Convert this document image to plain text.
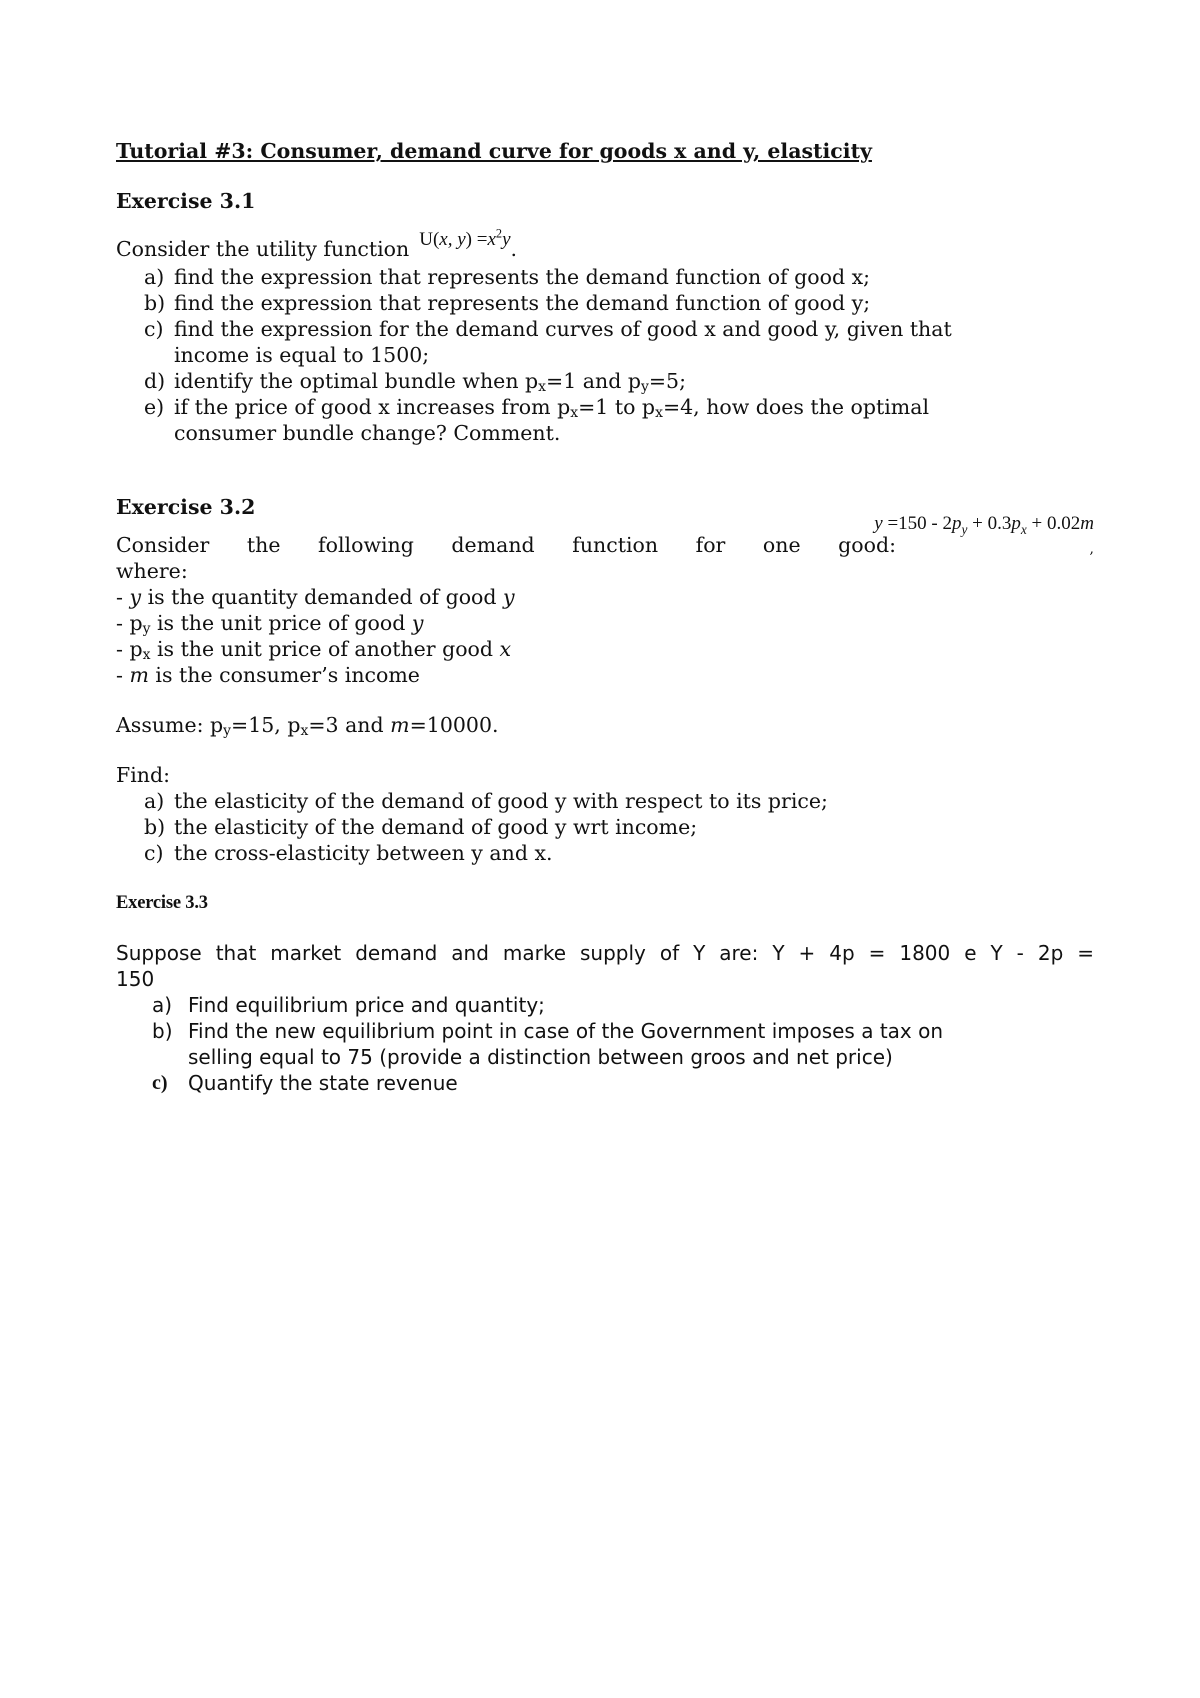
Tutorial #3: Consumer, demand curve for goods x and y, elasticity

Exercise 3.1

Consider the utility function U(x, $y) =x^2y$.

a) find the expression that represents the demand function of good x;
b) find the expression that represents the demand function of good y;
c) find the expression for the demand curves of good x and good y, given that
income is equal to 1500;
d) identify the optimal bundle when $p_x=1$ and $p_y=5$;
e) if the price of good x increases from $p_x=1$ to $p_x=4$, how does the optimal
consumer bundle change? Comment.

Exercise 3.2

Consider the following demand function for one good:

$y =150 - 2p_y + 0.3p_x + 0.02m$
,

where:

- y is the quantity demanded of good y

- $p_y$ is the unit price of good y

- $p_x$ is the unit price of another good x

- m is the consumer’s income

Assume: $p_y=15$, $p_x=3$ and m=10000.

Find:

a) the elasticity of the demand of good y with respect to its price;
b) the elasticity of the demand of good y wrt income;
c) the cross-elasticity between y and x.

Exercise 3.3

Suppose that market demand and marke supply of Y are: Y + 4p = 1800 e Y - 2p =

150

a) Find equilibrium price and quantity;
b) Find the new equilibrium point in case of the Government imposes a tax on
selling equal to 75 (provide a distinction between groos and net price)
c) Quantify the state revenue
